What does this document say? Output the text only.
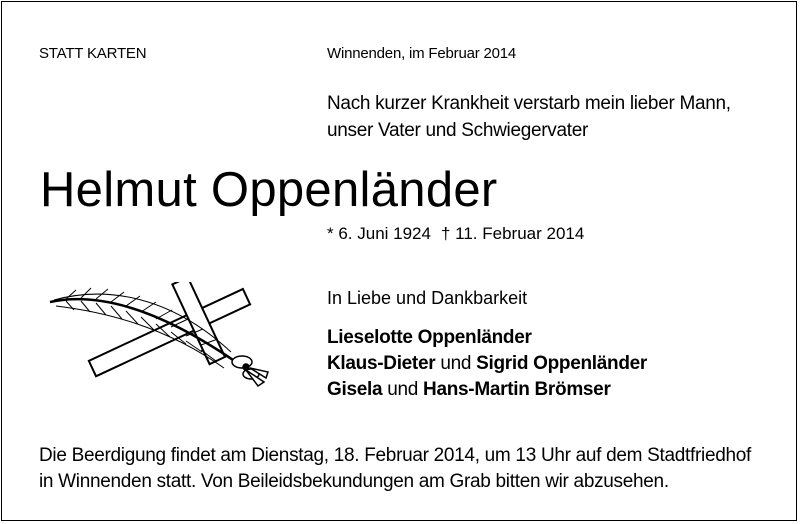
STATT KARTEN	Winnenden, im Februar 2014
Nach kurzer Krankheit verstarb mein lieber Mann,
unser Vater und Schwiegervater
Helmut Oppenländer
* 6. Juni 1924 † 11. Februar 2014
In Liebe und Dankbarkeit
Lieselotte Oppenländer
Klaus-Dieter und Sigrid Oppenländer
Gisela und Hans-Martin Brömser
Die Beerdigung findet am Dienstag, 18. Februar 2014, um 13 Uhr auf dem Stadtfriedhof
in Winnenden statt. Von Beileidsbekundungen am Grab bitten wir abzusehen.
